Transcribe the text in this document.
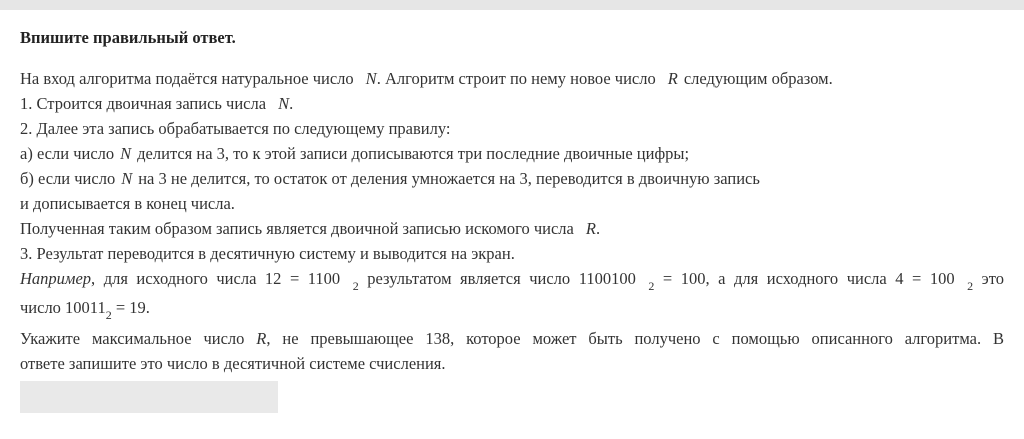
Впишите правильный ответ.
На вход алгоритма подаётся натуральное число N. Алгоритм строит по нему новое число R следующим образом.
1. Строится двоичная запись числа N.
2. Далее эта запись обрабатывается по следующему правилу:
а) если число N делится на 3, то к этой записи дописываются три последние двоичные цифры;
б) если число N на 3 не делится, то остаток от деления умножается на 3, переводится в двоичную запись
и дописывается в конец числа.
Полученная таким образом запись является двоичной записью искомого числа R.
3. Результат переводится в десятичную систему и выводится на экран.
Например, для исходного числа 12 = 1100 $_2$ результатом является число 1100100 $_2$ = 100, а для исходного числа 4 = 100 $_2$ это
число $10011_2 = 19$.
Укажите максимальное число R, не превышающее 138, которое может быть получено с помощью описанного алгоритма. В
ответе запишите это число в десятичной системе счисления.
